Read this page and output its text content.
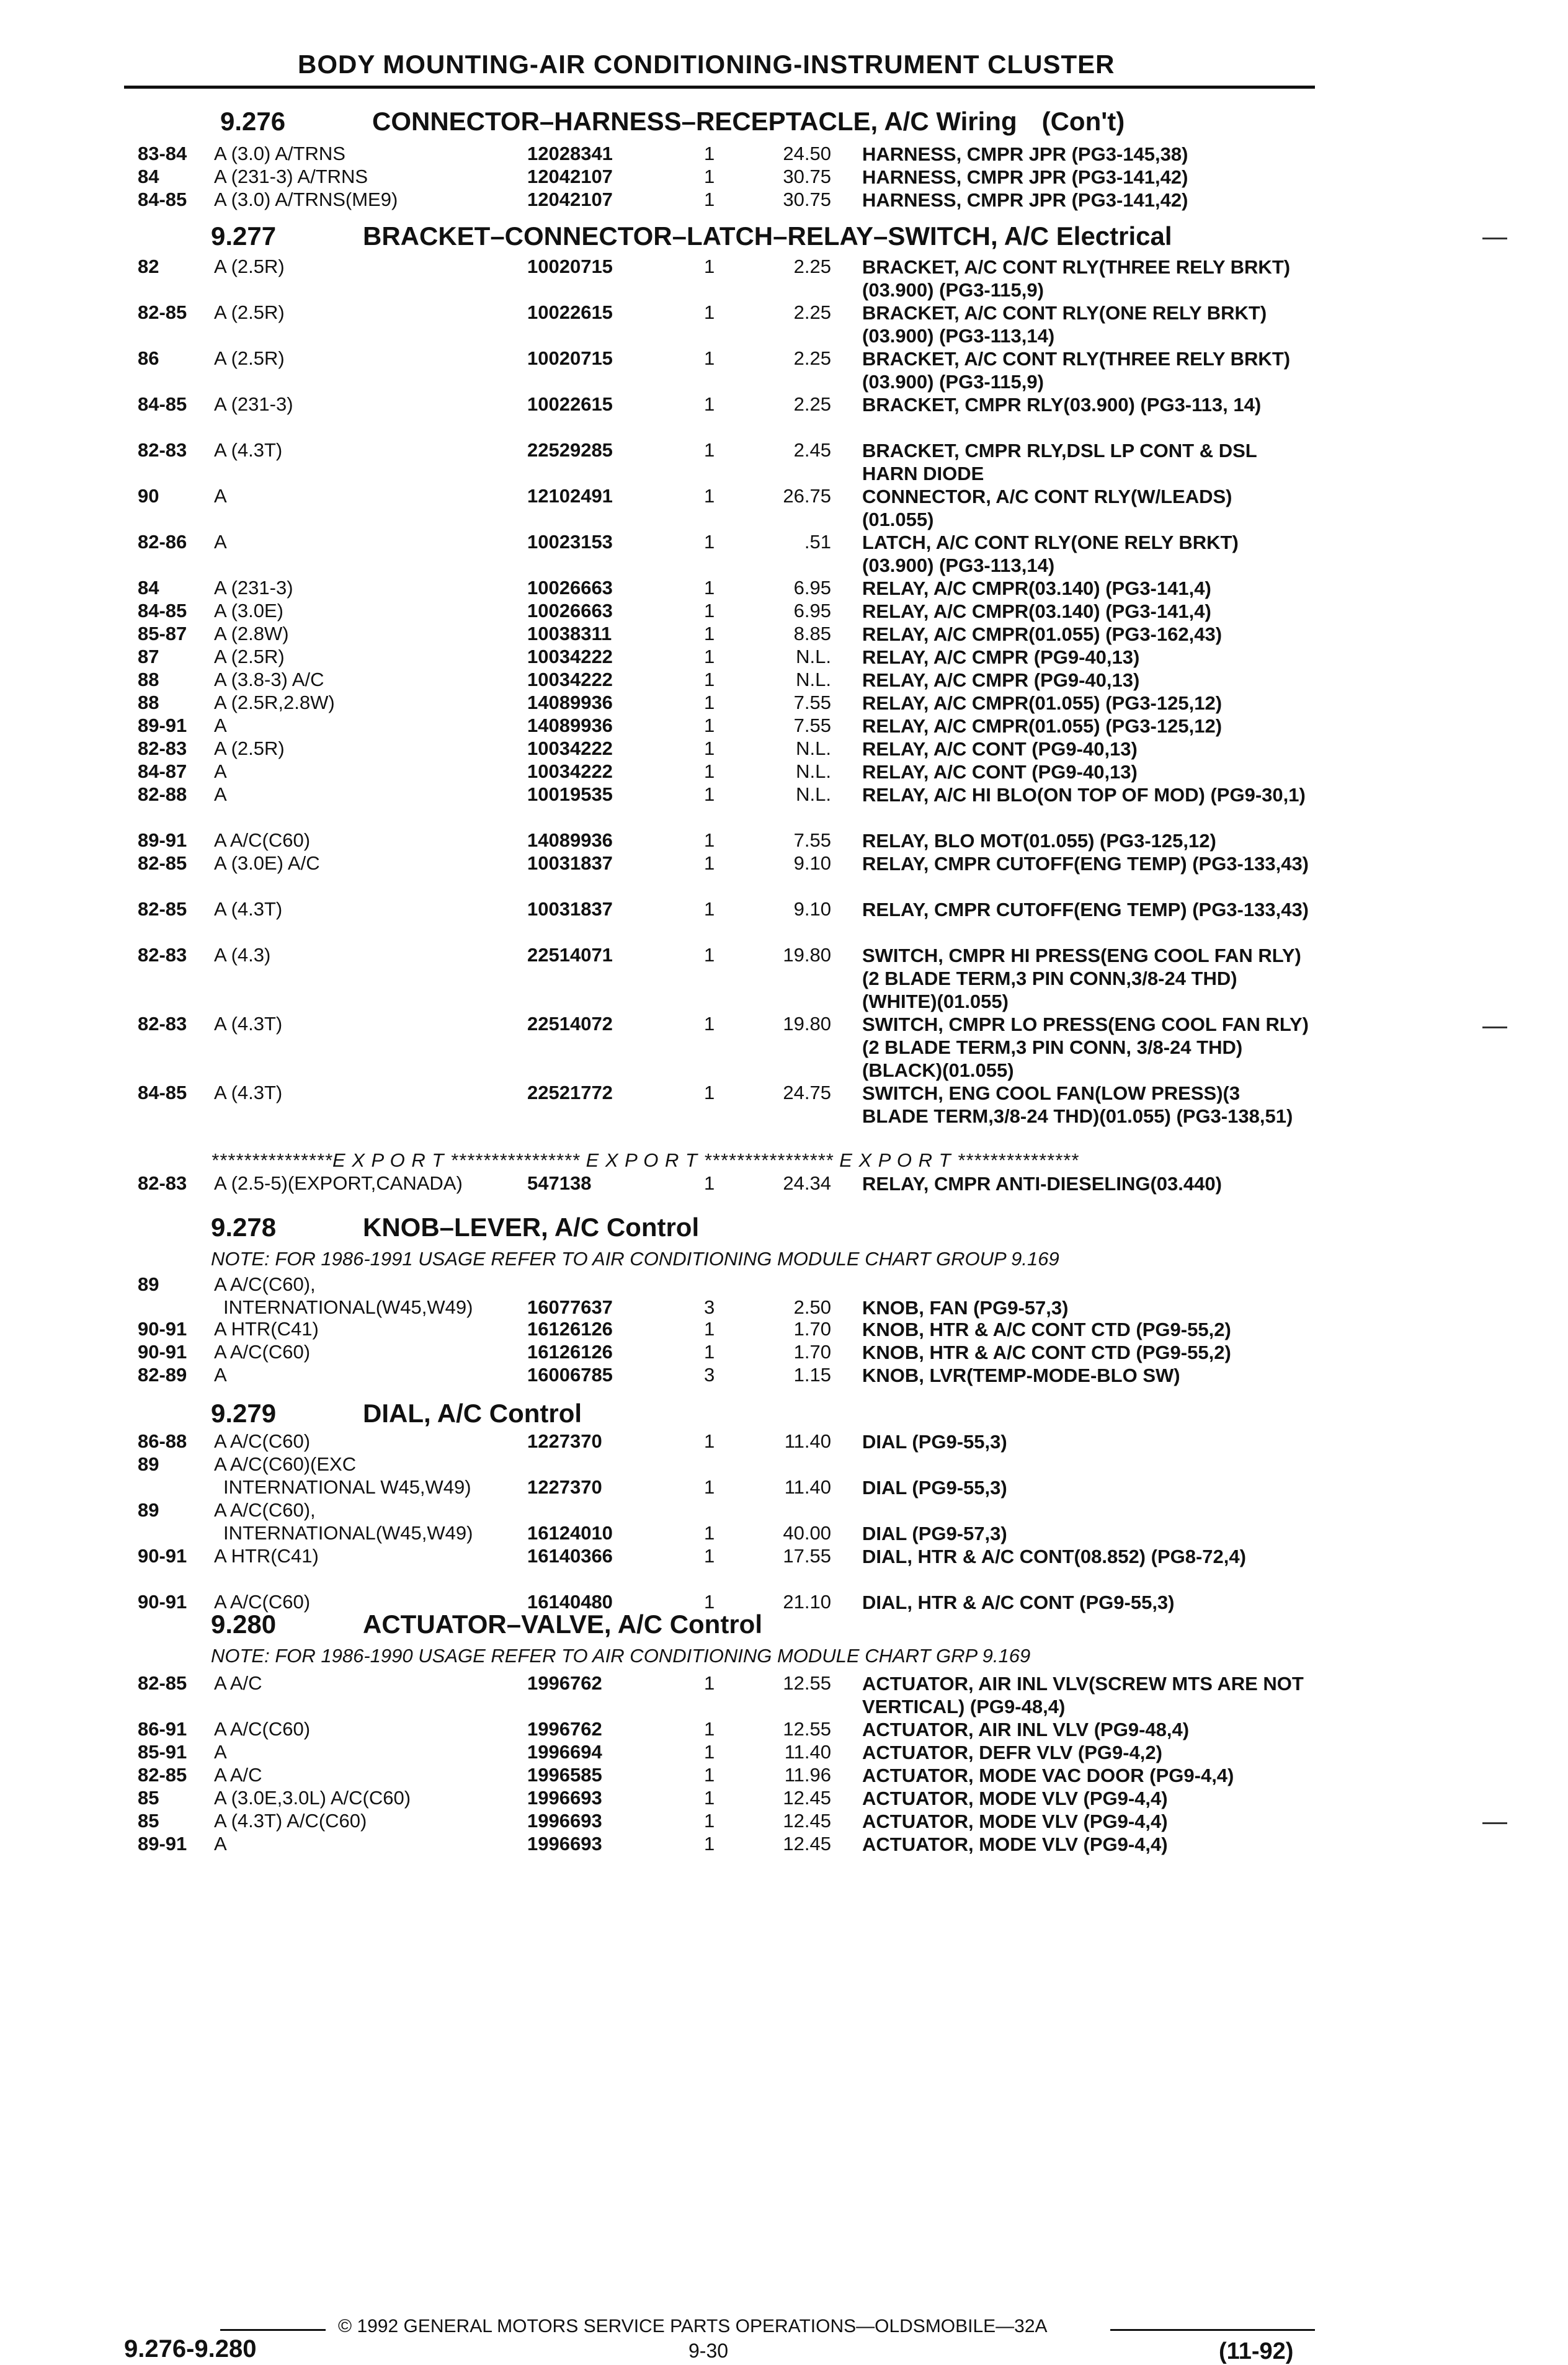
BODY MOUNTING-AIR CONDITIONING-INSTRUMENT CLUSTER
9.276	CONNECTOR–HARNESS–RECEPTACLE, A/C Wiring (Con't)
83-84 A (3.0) A/TRNS	12028341	1	24.50 HARNESS, CMPR JPR (PG3-145,38)
84	A (231-3) A/TRNS	12042107	1	30.75 HARNESS, CMPR JPR (PG3-141,42)
84-85 A (3.0) A/TRNS(ME9)	12042107	1	30.75 HARNESS, CMPR JPR (PG3-141,42)
9.277	BRACKET–CONNECTOR–LATCH–RELAY–SWITCH, A/C Electrical
82	A (2.5R)	10020715	1	2.25 BRACKET, A/C CONT RLY(THREE RELY BRKT)(03.900) (PG3-115,9)
82-85 A (2.5R)	10022615	1	2.25 BRACKET, A/C CONT RLY(ONE RELY BRKT)(03.900) (PG3-113,14)
86	A (2.5R)	10020715	1	2.25 BRACKET, A/C CONT RLY(THREE RELY BRKT)(03.900) (PG3-115,9)
84-85 A (231-3)	10022615	1	2.25 BRACKET, CMPR RLY(03.900) (PG3-113, 14)
82-83 A (4.3T)	22529285	1	2.45 BRACKET, CMPR RLY,DSL LP CONT & DSL HARN DIODE
90	A	12102491	1	26.75 CONNECTOR, A/C CONT RLY(W/LEADS) (01.055)
82-86 A	10023153	1	.51 LATCH, A/C CONT RLY(ONE RELY BRKT) (03.900) (PG3-113,14)
84	A (231-3)	10026663	1	6.95 RELAY, A/C CMPR(03.140) (PG3-141,4)
84-85 A (3.0E)	10026663	1	6.95 RELAY, A/C CMPR(03.140) (PG3-141,4)
85-87 A (2.8W)	10038311	1	8.85 RELAY, A/C CMPR(01.055) (PG3-162,43)
87	A (2.5R)	10034222	1	N.L. RELAY, A/C CMPR (PG9-40,13)
88	A (3.8-3) A/C	10034222	1	N.L. RELAY, A/C CMPR (PG9-40,13)
88	A (2.5R,2.8W)	14089936	1	7.55 RELAY, A/C CMPR(01.055) (PG3-125,12)
89-91 A	14089936	1	7.55 RELAY, A/C CMPR(01.055) (PG3-125,12)
82-83 A (2.5R)	10034222	1	N.L. RELAY, A/C CONT (PG9-40,13)
84-87 A	10034222	1	N.L. RELAY, A/C CONT (PG9-40,13)
82-88 A	10019535	1	N.L. RELAY, A/C HI BLO(ON TOP OF MOD) (PG9-30,1)
89-91 A A/C(C60)	14089936	1	7.55 RELAY, BLO MOT(01.055) (PG3-125,12)
82-85 A (3.0E) A/C	10031837	1	9.10 RELAY, CMPR CUTOFF(ENG TEMP) (PG3-133,43)
82-85 A (4.3T)	10031837	1	9.10 RELAY, CMPR CUTOFF(ENG TEMP) (PG3-133,43)
82-83 A (4.3)	22514071	1	19.80 SWITCH, CMPR HI PRESS(ENG COOL FAN RLY)(2 BLADE TERM,3 PIN CONN,3/8-24 THD)(WHITE)(01.055)
82-83 A (4.3T)	22514072	1	19.80 SWITCH, CMPR LO PRESS(ENG COOL FAN RLY)(2 BLADE TERM,3 PIN CONN, 3/8-24 THD)(BLACK)(01.055)
84-85 A (4.3T)	22521772	1	24.75 SWITCH, ENG COOL FAN(LOW PRESS)(3 BLADE TERM,3/8-24 THD)(01.055) (PG3-138,51)
***************E X P O R T **************** E X P O R T **************** E X P O R T ***************
82-83 A (2.5-5)(EXPORT,CANADA)	547138	1	24.34 RELAY, CMPR ANTI-DIESELING(03.440)
9.278	KNOB–LEVER, A/C Control
NOTE: FOR 1986-1991 USAGE REFER TO AIR CONDITIONING MODULE CHART GROUP 9.169
89	A A/C(C60),
INTERNATIONAL(W45,W49)	16077637	3	2.50 KNOB, FAN (PG9-57,3)
90-91 A HTR(C41)	16126126	1	1.70 KNOB, HTR & A/C CONT CTD (PG9-55,2)
90-91 A A/C(C60)	16126126	1	1.70 KNOB, HTR & A/C CONT CTD (PG9-55,2)
82-89 A	16006785	3	1.15 KNOB, LVR(TEMP-MODE-BLO SW)
9.279	DIAL, A/C Control
86-88 A A/C(C60)	1227370	1	11.40 DIAL (PG9-55,3)
89	A A/C(C60)(EXC
INTERNATIONAL W45,W49)	1227370	1	11.40 DIAL (PG9-55,3)
89	A A/C(C60),
INTERNATIONAL(W45,W49)	16124010	1	40.00 DIAL (PG9-57,3)
90-91 A HTR(C41)	16140366	1	17.55 DIAL, HTR & A/C CONT(08.852) (PG8-72,4)
90-91 A A/C(C60)	16140480	1	21.10 DIAL, HTR & A/C CONT (PG9-55,3)
9.280	ACTUATOR–VALVE, A/C Control
NOTE: FOR 1986-1990 USAGE REFER TO AIR CONDITIONING MODULE CHART GRP 9.169
82-85 A A/C	1996762	1	12.55 ACTUATOR, AIR INL VLV(SCREW MTS ARE NOT VERTICAL) (PG9-48,4)
86-91 A A/C(C60)	1996762	1	12.55 ACTUATOR, AIR INL VLV (PG9-48,4)
85-91 A	1996694	1	11.40 ACTUATOR, DEFR VLV (PG9-4,2)
82-85 A A/C	1996585	1	11.96 ACTUATOR, MODE VAC DOOR (PG9-4,4)
85	A (3.0E,3.0L) A/C(C60)	1996693	1	12.45 ACTUATOR, MODE VLV (PG9-4,4)
85	A (4.3T) A/C(C60)	1996693	1	12.45 ACTUATOR, MODE VLV (PG9-4,4)
89-91 A	1996693	1	12.45 ACTUATOR, MODE VLV (PG9-4,4)
© 1992 GENERAL MOTORS SERVICE PARTS OPERATIONS—OLDSMOBILE—32A
9.276-9.280	9-30	(11-92)
